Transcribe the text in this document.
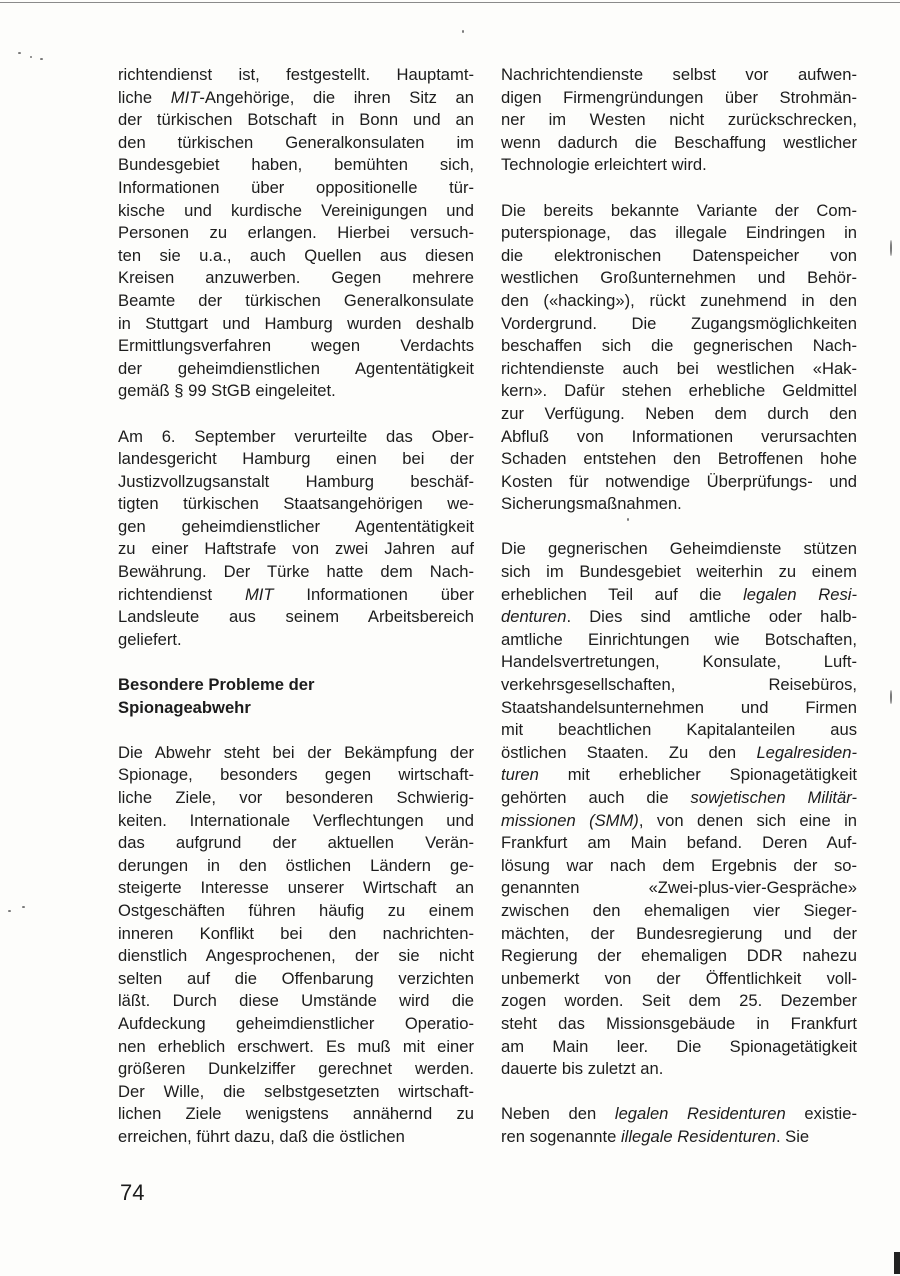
richtendienst ist, festgestellt. Hauptamt-
liche MIT-Angehörige, die ihren Sitz an
der türkischen Botschaft in Bonn und an
den türkischen Generalkonsulaten im
Bundesgebiet haben, bemühten sich,
Informationen über oppositionelle tür-
kische und kurdische Vereinigungen und
Personen zu erlangen. Hierbei versuch-
ten sie u.a., auch Quellen aus diesen
Kreisen anzuwerben. Gegen mehrere
Beamte der türkischen Generalkonsulate
in Stuttgart und Hamburg wurden deshalb
Ermittlungsverfahren wegen Verdachts
der geheimdienstlichen Agententätigkeit
gemäß § 99 StGB eingeleitet.
Am 6. September verurteilte das Ober-
landesgericht Hamburg einen bei der
Justizvollzugsanstalt Hamburg beschäf-
tigten türkischen Staatsangehörigen we-
gen geheimdienstlicher Agententätigkeit
zu einer Haftstrafe von zwei Jahren auf
Bewährung. Der Türke hatte dem Nach-
richtendienst MIT Informationen über
Landsleute aus seinem Arbeitsbereich
geliefert.
Besondere Probleme der
Spionageabwehr
Die Abwehr steht bei der Bekämpfung der
Spionage, besonders gegen wirtschaft-
liche Ziele, vor besonderen Schwierig-
keiten. Internationale Verflechtungen und
das aufgrund der aktuellen Verän-
derungen in den östlichen Ländern ge-
steigerte Interesse unserer Wirtschaft an
Ostgeschäften führen häufig zu einem
inneren Konflikt bei den nachrichten-
dienstlich Angesprochenen, der sie nicht
selten auf die Offenbarung verzichten
läßt. Durch diese Umstände wird die
Aufdeckung geheimdienstlicher Operatio-
nen erheblich erschwert. Es muß mit einer
größeren Dunkelziffer gerechnet werden.
Der Wille, die selbstgesetzten wirtschaft-
lichen Ziele wenigstens annähernd zu
erreichen, führt dazu, daß die östlichen
Nachrichtendienste selbst vor aufwen-
digen Firmengründungen über Strohmän-
ner im Westen nicht zurückschrecken,
wenn dadurch die Beschaffung westlicher
Technologie erleichtert wird.
Die bereits bekannte Variante der Com-
puterspionage, das illegale Eindringen in
die elektronischen Datenspeicher von
westlichen Großunternehmen und Behör-
den («hacking»), rückt zunehmend in den
Vordergrund. Die Zugangsmöglichkeiten
beschaffen sich die gegnerischen Nach-
richtendienste auch bei westlichen «Hak-
kern». Dafür stehen erhebliche Geldmittel
zur Verfügung. Neben dem durch den
Abfluß von Informationen verursachten
Schaden entstehen den Betroffenen hohe
Kosten für notwendige Überprüfungs- und
Sicherungsmaßnahmen.
Die gegnerischen Geheimdienste stützen
sich im Bundesgebiet weiterhin zu einem
erheblichen Teil auf die legalen Resi-
denturen. Dies sind amtliche oder halb-
amtliche Einrichtungen wie Botschaften,
Handelsvertretungen, Konsulate, Luft-
verkehrsgesellschaften, Reisebüros,
Staatshandelsunternehmen und Firmen
mit beachtlichen Kapitalanteilen aus
östlichen Staaten. Zu den Legalresiden-
turen mit erheblicher Spionagetätigkeit
gehörten auch die sowjetischen Militär-
missionen (SMM), von denen sich eine in
Frankfurt am Main befand. Deren Auf-
lösung war nach dem Ergebnis der so-
genannten «Zwei-plus-vier-Gespräche»
zwischen den ehemaligen vier Sieger-
mächten, der Bundesregierung und der
Regierung der ehemaligen DDR nahezu
unbemerkt von der Öffentlichkeit voll-
zogen worden. Seit dem 25. Dezember
steht das Missionsgebäude in Frankfurt
am Main leer. Die Spionagetätigkeit
dauerte bis zuletzt an.
Neben den legalen Residenturen existie-
ren sogenannte illegale Residenturen. Sie
74
